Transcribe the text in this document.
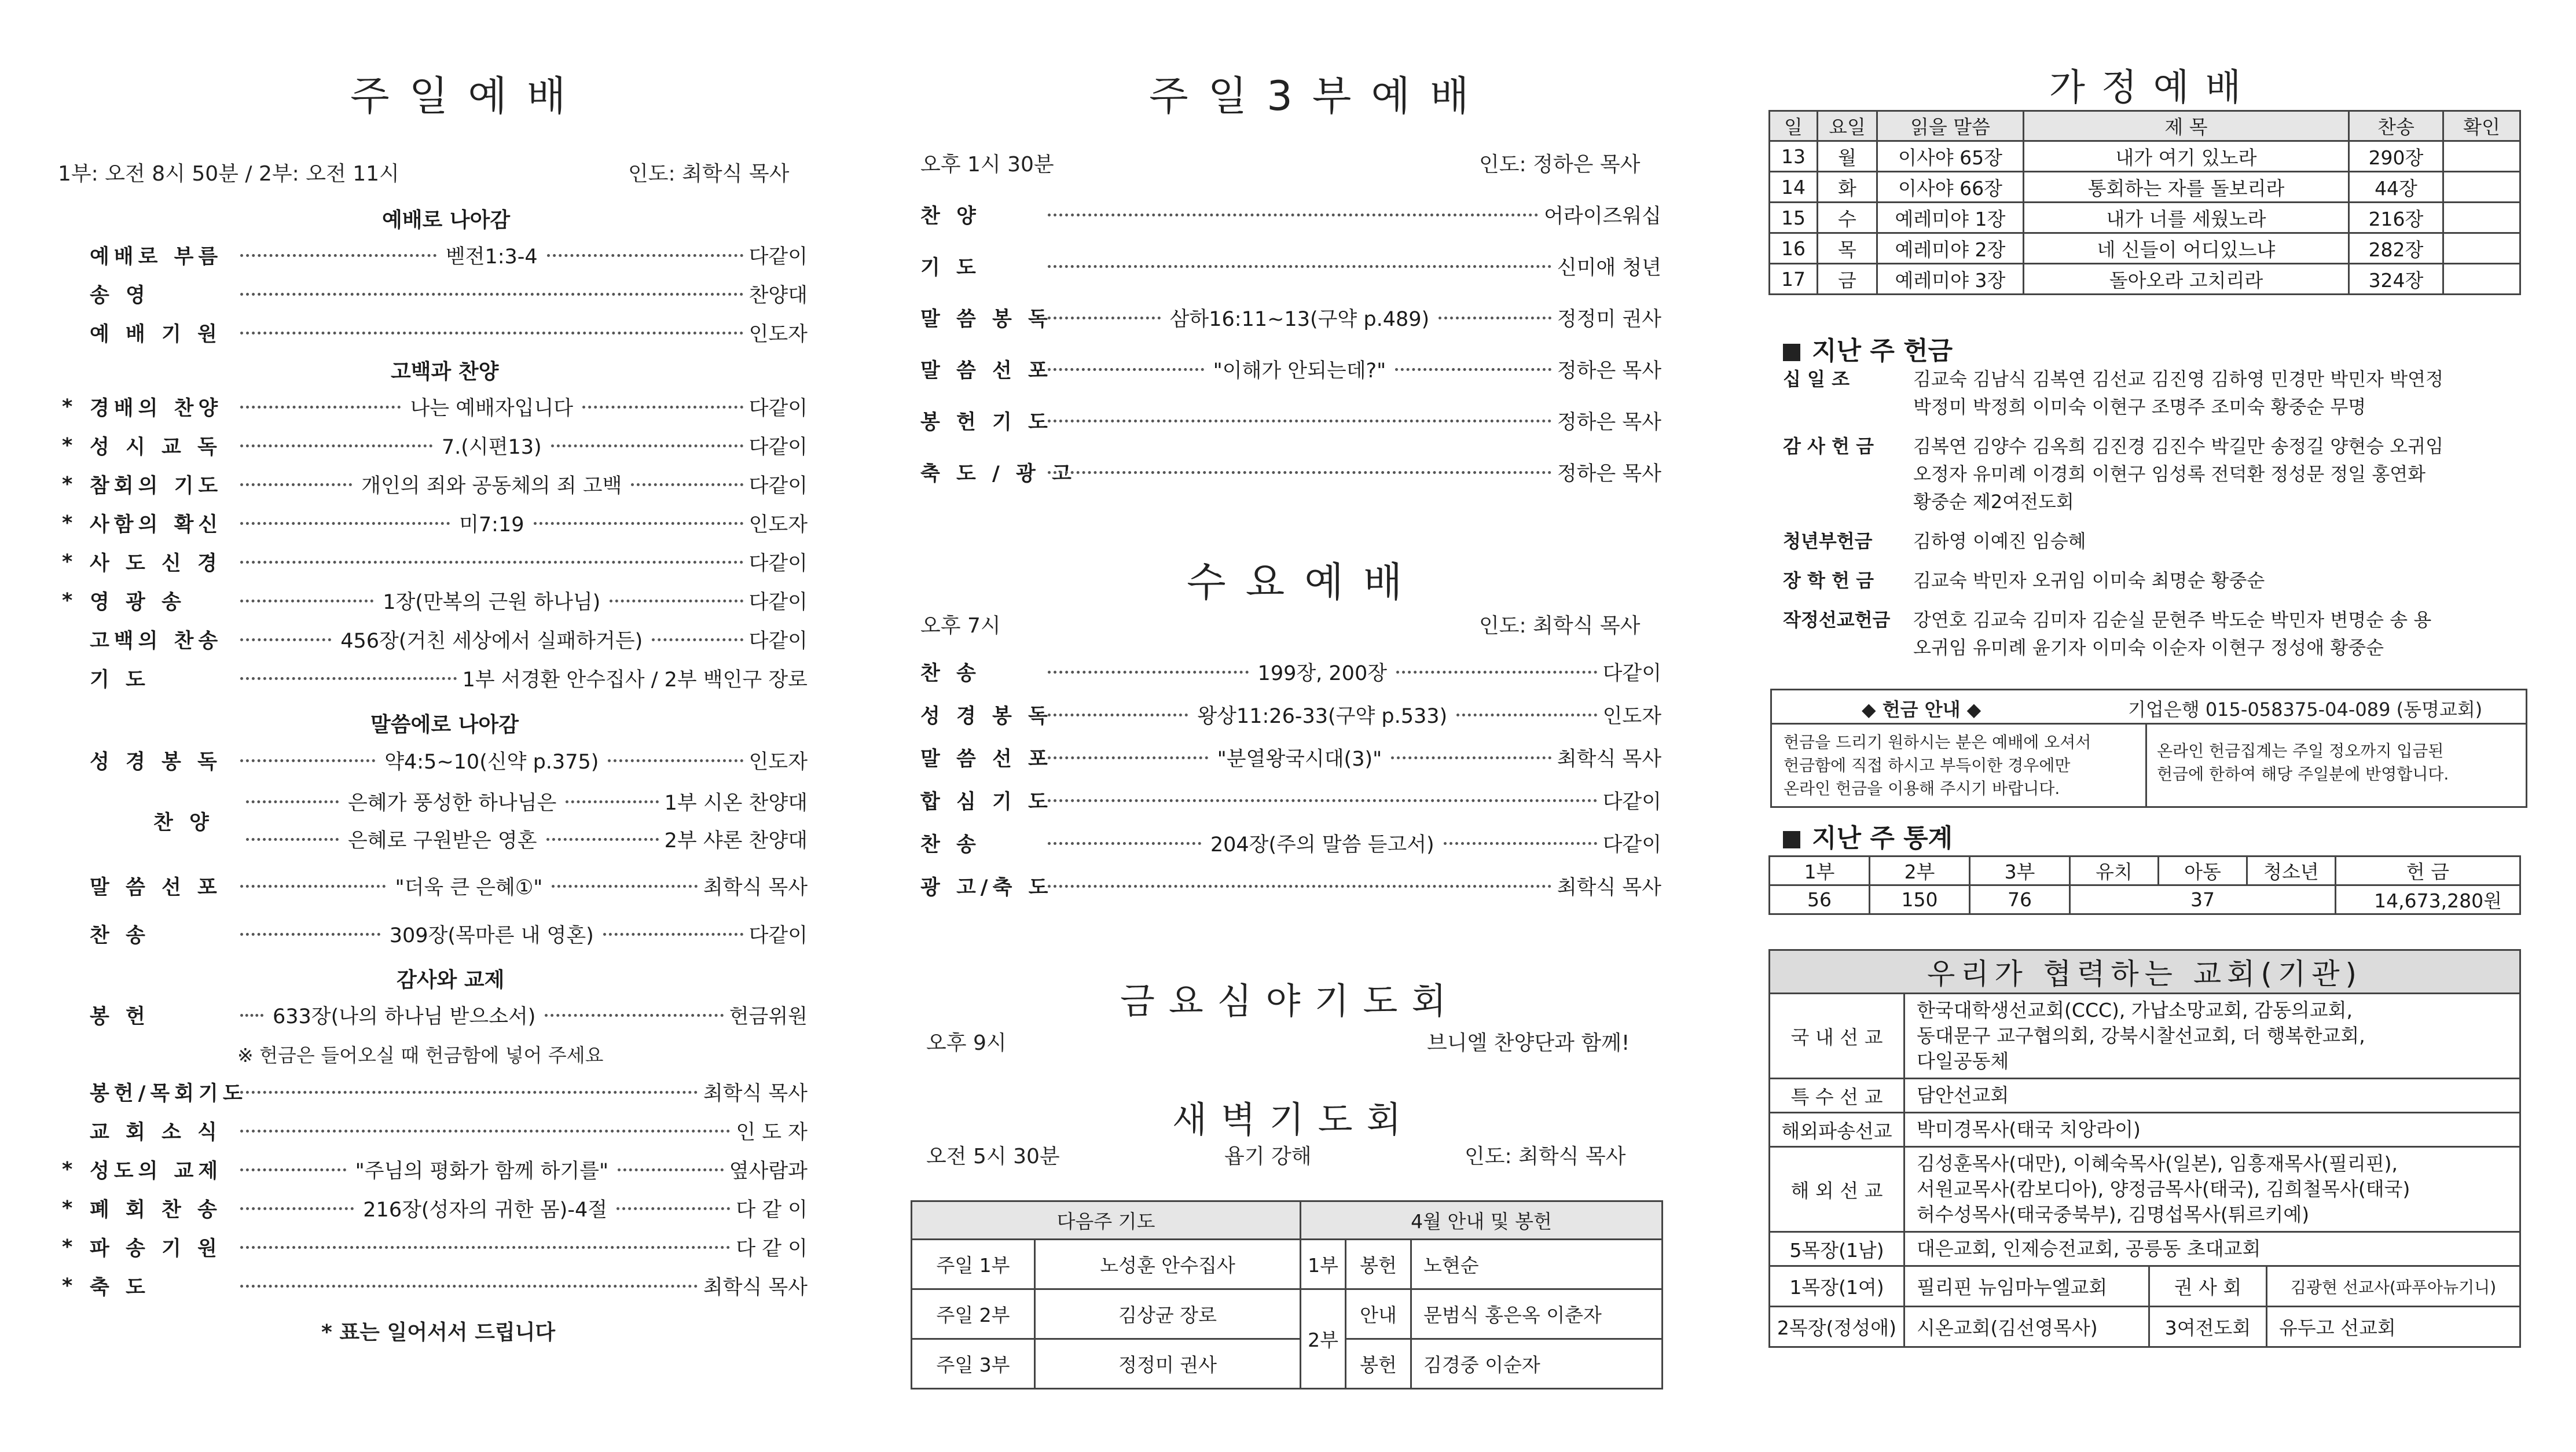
주일예배
1부: 오전 8시 50분 / 2부: 오전 11시	인도: 최학식 목사
예배로 나아감
예배로 부름	벧전1:3-4	다같이
송 영	찬양대
예 배 기 원	인도자
고백과 찬양
* 경배의 찬양	나는 예배자입니다	다같이
* 성 시 교 독	7.(시편13)	다같이
* 참회의 기도	개인의 죄와 공동체의 죄 고백	다같이
* 사함의 확신	미7:19	인도자
* 사 도 신 경	다같이
* 영 광 송	1장(만복의 근원 하나님)	다같이
고백의 찬송	456장(거친 세상에서 실패하거든)	다같이
기 도	1부 서경환 안수집사 / 2부 백인구 장로
말씀에로 나아감
성 경 봉 독	약4:5~10(신약 p.375)	인도자
찬 양
은혜가 풍성한 하나님은	1부 시온 찬양대
은혜로 구원받은 영혼	2부 샤론 찬양대
말 씀 선 포	"더욱 큰 은혜①"	최학식 목사
찬 송	309장(목마른 내 영혼)	다같이
감사와 교제
봉 헌	633장(나의 하나님 받으소서)	헌금위원
※ 헌금은 들어오실 때 헌금함에 넣어 주세요
봉헌/목회기도	최학식 목사
교 회 소 식	인 도 자
* 성도의 교제	"주님의 평화가 함께 하기를"	옆사람과
* 폐 회 찬 송	216장(성자의 귀한 몸)-4절	다 같 이
* 파 송 기 원	다 같 이
* 축 도	최학식 목사
* 표는 일어서서 드립니다
주일3부예배
오후 1시 30분	인도: 정하은 목사
찬 양	어라이즈워십
기 도	신미애 청년
말 씀 봉 독	삼하16:11~13(구약 p.489)	정정미 권사
말 씀 선 포	"이해가 안되는데?"	정하은 목사
봉 헌 기 도	정하은 목사
축 도 / 광 고	정하은 목사
수요예배
오후 7시	인도: 최학식 목사
찬 송	199장, 200장	다같이
성 경 봉 독	왕상11:26-33(구약 p.533)	인도자
말 씀 선 포	"분열왕국시대(3)"	최학식 목사
합 심 기 도	다같이
찬 송	204장(주의 말씀 듣고서)	다같이
광 고/축 도	최학식 목사
금요심야기도회
오후 9시	브니엘 찬양단과 함께!
새벽기도회
오전 5시 30분	욥기 강해	인도: 최학식 목사
다음주 기도		4월 안내 및 봉헌		
주일 1부	노성훈 안수집사	1부	봉헌	노현순
주일 2부	김상균 장로	2부	안내	문범식 홍은옥 이춘자
주일 3부	정정미 권사		봉헌	김경중 이순자
가정예배
일	요일	읽을 말씀	제 목	찬송	확인
13	월	이사야 65장	내가 여기 있노라	290장	
14	화	이사야 66장	통회하는 자를 돌보리라	44장	
15	수	예레미야 1장	내가 너를 세웠노라	216장	
16	목	예레미야 2장	네 신들이 어디있느냐	282장	
17	금	예레미야 3장	돌아오라 고치리라	324장	
지난 주 헌금
십 일 조	김교숙 김남식 김복연 김선교 김진영 김하영 민경만 박민자 박연정
박정미 박정희 이미숙 이현구 조명주 조미숙 황중순 무명
감 사 헌 금	김복연 김양수 김옥희 김진경 김진수 박길만 송정길 양현승 오귀임
오정자 유미례 이경희 이현구 임성록 전덕환 정성문 정일 홍연화
황중순 제2여전도회
청년부헌금	김하영 이예진 임승혜
장 학 헌 금	김교숙 박민자 오귀임 이미숙 최명순 황중순
작정선교헌금	강연호 김교숙 김미자 김순실 문현주 박도순 박민자 변명순 송 용
오귀임 유미례 윤기자 이미숙 이순자 이현구 정성애 황중순
◆ 헌금 안내 ◆	기업은행 015-058375-04-089 (동명교회)
헌금을 드리기 원하시는 분은 예배에 오셔서
헌금함에 직접 하시고 부득이한 경우에만
온라인 헌금을 이용해 주시기 바랍니다.
온라인 헌금집계는 주일 정오까지 입금된
헌금에 한하여 해당 주일분에 반영합니다.
지난 주 통계
1부	2부	3부	유치	아동	청소년	헌 금
56	150	76	37			14,673,280원
우리가 협력하는 교회(기관)			
국 내 선 교	한국대학생선교회(CCC), 가납소망교회, 감동의교회,
동대문구 교구협의회, 강북시찰선교회, 더 행복한교회,
다일공동체		

특 수 선 교	담안선교회		

해외파송선교	박미경목사(태국 치앙라이)		

해 외 선 교	김성훈목사(대만), 이혜숙목사(일본), 임흥재목사(필리핀),
서원교목사(캄보디아), 양정금목사(태국), 김희철목사(태국)
허수성목사(태국중북부), 김명섭목사(튀르키예)		

5목장(1남)	대은교회, 인제승전교회, 공릉동 초대교회		

1목장(1여)	필리핀 뉴임마누엘교회	권 사 회	김광현 선교사(파푸아뉴기니)
2목장(정성애)	시온교회(김선영목사)	3여전도회	유두고 선교회
